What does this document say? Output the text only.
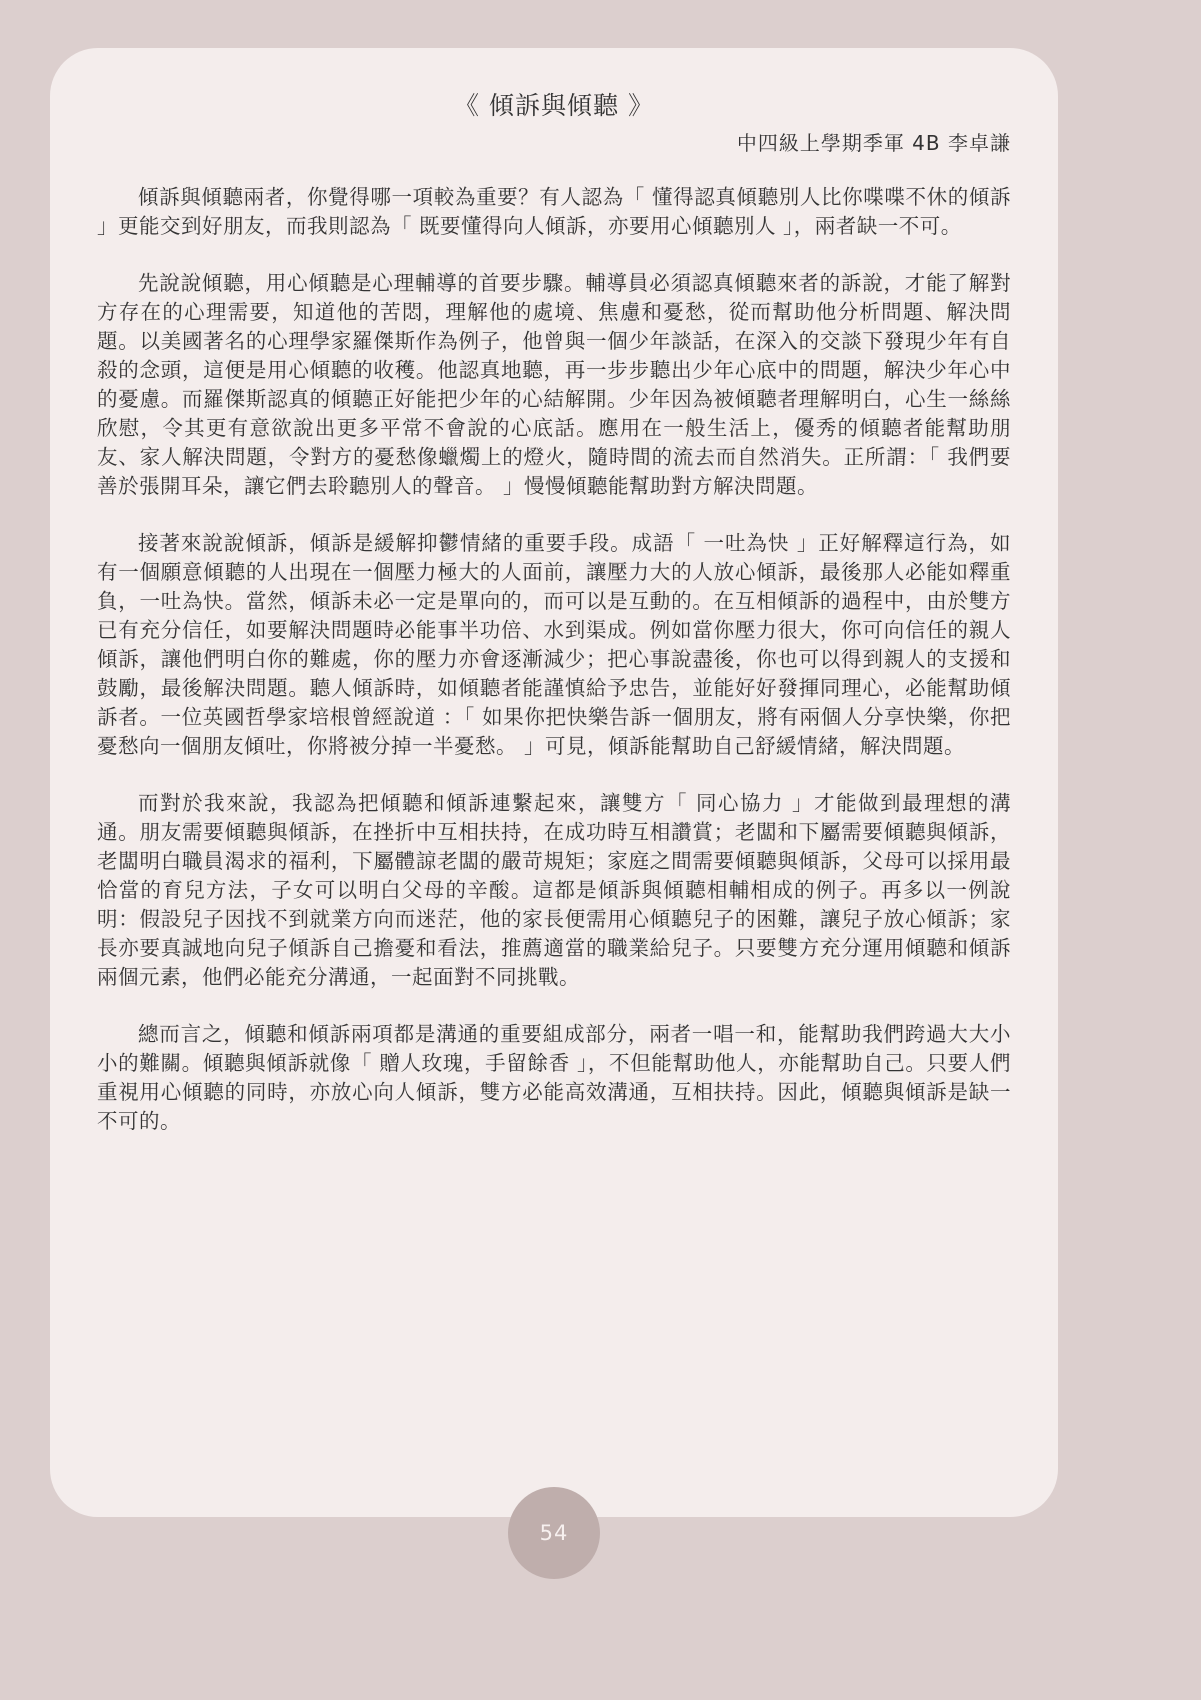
《 傾訴與傾聽 》
中四級上學期季軍 4B 李卓謙

傾訴與傾聽兩者，你覺得哪一項較為重要？有人認為「 懂得認真傾聽別人比你喋喋不休的傾訴 」更能交到好朋友，而我則認為「 既要懂得向人傾訴，亦要用心傾聽別人 」，兩者缺一不可。

先說說傾聽，用心傾聽是心理輔導的首要步驟。輔導員必須認真傾聽來者的訴說，才能了解對方存在的心理需要，知道他的苦悶，理解他的處境、焦慮和憂愁，從而幫助他分析問題、解決問題。以美國著名的心理學家羅傑斯作為例子，他曾與一個少年談話，在深入的交談下發現少年有自殺的念頭，這便是用心傾聽的收穫。他認真地聽，再一步步聽出少年心底中的問題，解決少年心中的憂慮。而羅傑斯認真的傾聽正好能把少年的心結解開。少年因為被傾聽者理解明白，心生一絲絲欣慰，令其更有意欲說出更多平常不會說的心底話。應用在一般生活上，優秀的傾聽者能幫助朋友、家人解決問題，令對方的憂愁像蠟燭上的燈火，隨時間的流去而自然消失。正所謂：「 我們要善於張開耳朵，讓它們去聆聽別人的聲音。 」慢慢傾聽能幫助對方解決問題。

接著來說說傾訴，傾訴是緩解抑鬱情緒的重要手段。成語「 一吐為快 」正好解釋這行為，如有一個願意傾聽的人出現在一個壓力極大的人面前，讓壓力大的人放心傾訴，最後那人必能如釋重負，一吐為快。當然，傾訴未必一定是單向的，而可以是互動的。在互相傾訴的過程中，由於雙方已有充分信任，如要解決問題時必能事半功倍、水到渠成。例如當你壓力很大，你可向信任的親人傾訴，讓他們明白你的難處，你的壓力亦會逐漸減少；把心事說盡後，你也可以得到親人的支援和鼓勵，最後解決問題。聽人傾訴時，如傾聽者能謹慎給予忠告，並能好好發揮同理心，必能幫助傾訴者。一位英國哲學家培根曾經說道 ：「 如果你把快樂告訴一個朋友，將有兩個人分享快樂，你把憂愁向一個朋友傾吐，你將被分掉一半憂愁。 」可見，傾訴能幫助自己舒緩情緒，解決問題。

而對於我來說，我認為把傾聽和傾訴連繫起來，讓雙方「 同心協力 」才能做到最理想的溝通。朋友需要傾聽與傾訴，在挫折中互相扶持，在成功時互相讚賞；老闆和下屬需要傾聽與傾訴，老闆明白職員渴求的福利，下屬體諒老闆的嚴苛規矩；家庭之間需要傾聽與傾訴，父母可以採用最恰當的育兒方法，子女可以明白父母的辛酸。這都是傾訴與傾聽相輔相成的例子。再多以一例說明：假設兒子因找不到就業方向而迷茫，他的家長便需用心傾聽兒子的困難，讓兒子放心傾訴；家長亦要真誠地向兒子傾訴自己擔憂和看法，推薦適當的職業給兒子。只要雙方充分運用傾聽和傾訴兩個元素，他們必能充分溝通，一起面對不同挑戰。

總而言之，傾聽和傾訴兩項都是溝通的重要組成部分，兩者一唱一和，能幫助我們跨過大大小小的難關。傾聽與傾訴就像「 贈人玫瑰，手留餘香 」，不但能幫助他人，亦能幫助自己。只要人們重視用心傾聽的同時，亦放心向人傾訴，雙方必能高效溝通，互相扶持。因此，傾聽與傾訴是缺一不可的。

54
